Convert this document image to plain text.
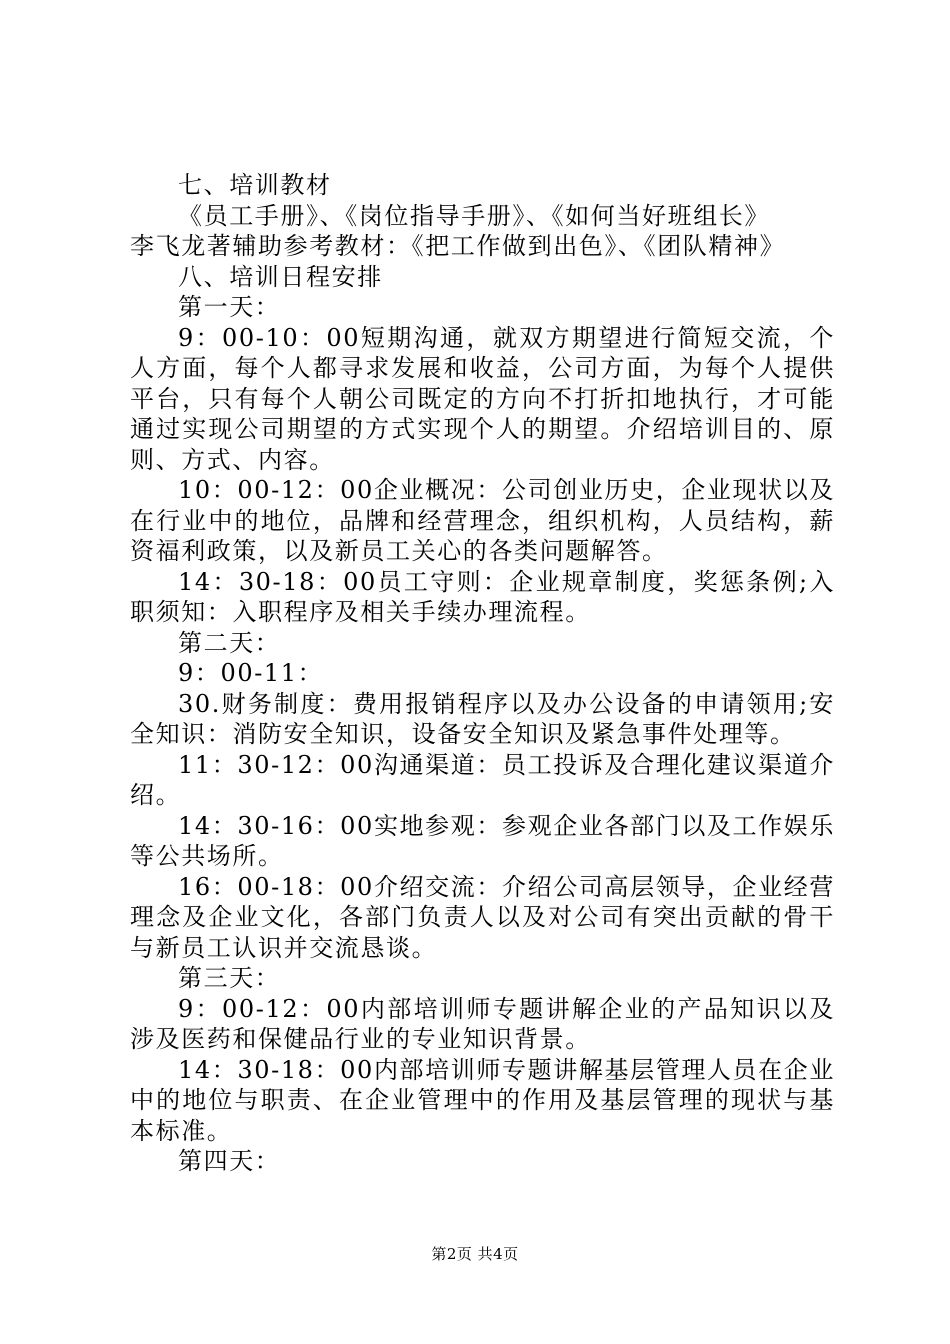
七、培训教材

《员工手册》、《岗位指导手册》、《如何当好班组长》

李飞龙著辅助参考教材：《把工作做到出色》、《团队精神》

八、培训日程安排

第一天：

9：00-10：00短期沟通，就双方期望进行简短交流，个人方面，每个人都寻求发展和收益，公司方面，为每个人提供平台，只有每个人朝公司既定的方向不打折扣地执行，才可能通过实现公司期望的方式实现个人的期望。介绍培训目的、原则、方式、内容。

10：00-12：00企业概况：公司创业历史，企业现状以及在行业中的地位，品牌和经营理念，组织机构，人员结构，薪资福利政策，以及新员工关心的各类问题解答。

14：30-18：00员工守则：企业规章制度，奖惩条例;入职须知：入职程序及相关手续办理流程。

第二天：

9：00-11：

30.财务制度：费用报销程序以及办公设备的申请领用;安全知识：消防安全知识，设备安全知识及紧急事件处理等。

11：30-12：00沟通渠道：员工投诉及合理化建议渠道介绍。

14：30-16：00实地参观：参观企业各部门以及工作娱乐等公共场所。

16：00-18：00介绍交流：介绍公司高层领导，企业经营理念及企业文化，各部门负责人以及对公司有突出贡献的骨干与新员工认识并交流恳谈。

第三天：

9：00-12：00内部培训师专题讲解企业的产品知识以及涉及医药和保健品行业的专业知识背景。

14：30-18：00内部培训师专题讲解基层管理人员在企业中的地位与职责、在企业管理中的作用及基层管理的现状与基本标准。

第四天：

第2页 共4页
